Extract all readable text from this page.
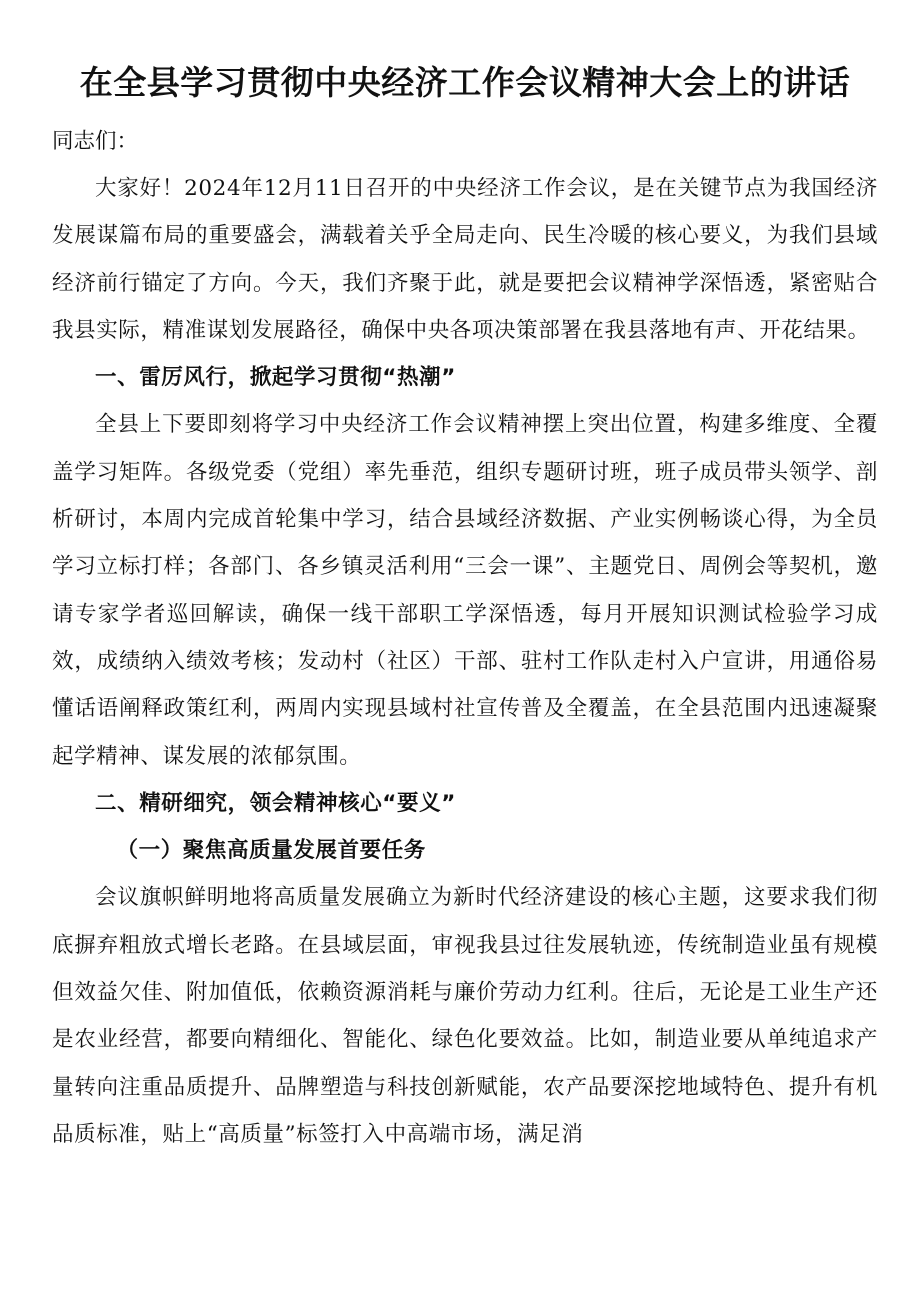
在全县学习贯彻中央经济工作会议精神大会上的讲话

同志们：

大家好！2024年12月11日召开的中央经济工作会议，是在关键节点为我国经济发展谋篇布局的重要盛会，满载着关乎全局走向、民生冷暖的核心要义，为我们县域经济前行锚定了方向。今天，我们齐聚于此，就是要把会议精神学深悟透，紧密贴合我县实际，精准谋划发展路径，确保中央各项决策部署在我县落地有声、开花结果。

一、雷厉风行，掀起学习贯彻“热潮”

全县上下要即刻将学习中央经济工作会议精神摆上突出位置，构建多维度、全覆盖学习矩阵。各级党委（党组）率先垂范，组织专题研讨班，班子成员带头领学、剖析研讨，本周内完成首轮集中学习，结合县域经济数据、产业实例畅谈心得，为全员学习立标打样；各部门、各乡镇灵活利用“三会一课”、主题党日、周例会等契机，邀请专家学者巡回解读，确保一线干部职工学深悟透，每月开展知识测试检验学习成效，成绩纳入绩效考核；发动村（社区）干部、驻村工作队走村入户宣讲，用通俗易懂话语阐释政策红利，两周内实现县域村社宣传普及全覆盖，在全县范围内迅速凝聚起学精神、谋发展的浓郁氛围。

二、精研细究，领会精神核心“要义”
（一）聚焦高质量发展首要任务

会议旗帜鲜明地将高质量发展确立为新时代经济建设的核心主题，这要求我们彻底摒弃粗放式增长老路。在县域层面，审视我县过往发展轨迹，传统制造业虽有规模但效益欠佳、附加值低，依赖资源消耗与廉价劳动力红利。往后，无论是工业生产还是农业经营，都要向精细化、智能化、绿色化要效益。比如，制造业要从单纯追求产量转向注重品质提升、品牌塑造与科技创新赋能，农产品要深挖地域特色、提升有机品质标准，贴上“高质量”标签打入中高端市场，满足消
